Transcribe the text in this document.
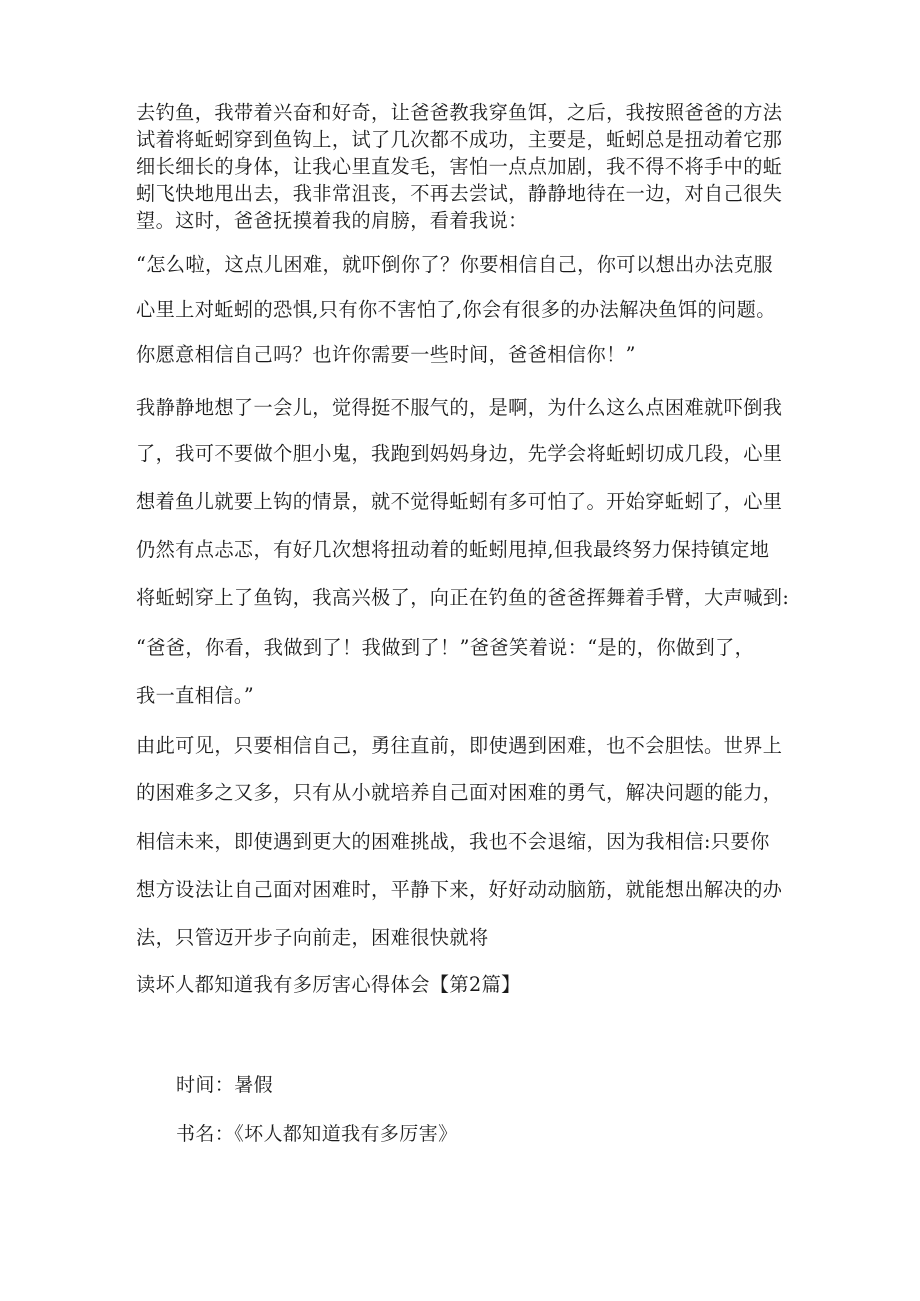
去钓鱼，我带着兴奋和好奇，让爸爸教我穿鱼饵，之后，我按照爸爸的方法
试着将蚯蚓穿到鱼钩上，试了几次都不成功，主要是，蚯蚓总是扭动着它那
细长细长的身体，让我心里直发毛，害怕一点点加剧，我不得不将手中的蚯
蚓飞快地甩出去，我非常沮丧，不再去尝试，静静地待在一边，对自己很失
望。这时，爸爸抚摸着我的肩膀，看着我说：
“怎么啦，这点儿困难，就吓倒你了？你要相信自己，你可以想出办法克服
心里上对蚯蚓的恐惧,只有你不害怕了,你会有很多的办法解决鱼饵的问题。
你愿意相信自己吗？也许你需要一些时间，爸爸相信你！”
我静静地想了一会儿，觉得挺不服气的，是啊，为什么这么点困难就吓倒我
了，我可不要做个胆小鬼，我跑到妈妈身边，先学会将蚯蚓切成几段，心里
想着鱼儿就要上钩的情景，就不觉得蚯蚓有多可怕了。开始穿蚯蚓了，心里
仍然有点忐忑，有好几次想将扭动着的蚯蚓甩掉,但我最终努力保持镇定地
将蚯蚓穿上了鱼钩，我高兴极了，向正在钓鱼的爸爸挥舞着手臂，大声喊到:
“爸爸，你看，我做到了！我做到了！”爸爸笑着说：“是的，你做到了，
我一直相信。”
由此可见，只要相信自己，勇往直前，即使遇到困难，也不会胆怯。世界上
的困难多之又多，只有从小就培养自己面对困难的勇气，解决问题的能力，
相信未来，即使遇到更大的困难挑战，我也不会退缩，因为我相信:只要你
想方设法让自己面对困难时，平静下来，好好动动脑筋，就能想出解决的办
法，只管迈开步子向前走，困难很快就将
读坏人都知道我有多厉害心得体会【第2篇】
时间：暑假
书名：《坏人都知道我有多厉害》
